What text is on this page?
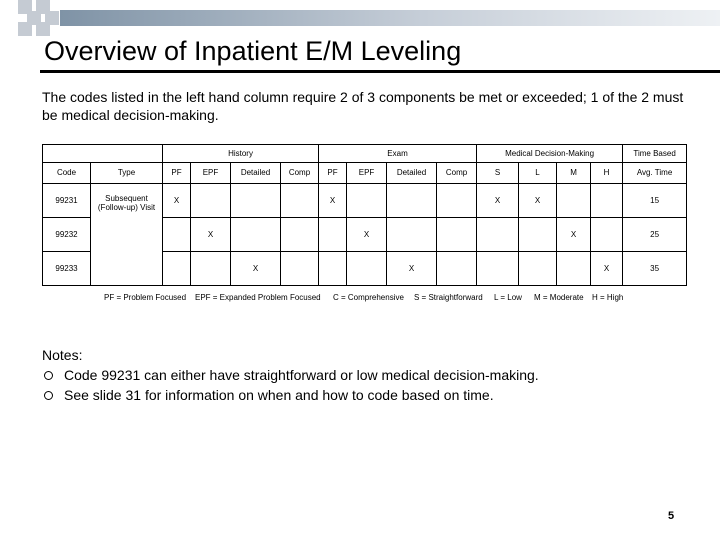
Overview of Inpatient E/M Leveling
The codes listed in the left hand column require 2 of 3 components be met or exceeded; 1 of the 2 must be medical decision-making.
		History				Exam				Medical Decision-Making				Time Based
Code	Type	PF	EPF	Detailed	Comp	PF	EPF	Detailed	Comp	S	L	M	H	Avg. Time
99231	Subsequent (Follow-up) Visit	X				X				X	X			15
99232			X				X					X		25
99233				X				X					X	35
PF = Problem Focused EPF = Expanded Problem Focused C = Comprehensive S = Straightforward L = Low M = Moderate H = High
Notes:
Code 99231 can either have straightforward or low medical decision-making.
See slide 31 for information on when and how to code based on time.
5
